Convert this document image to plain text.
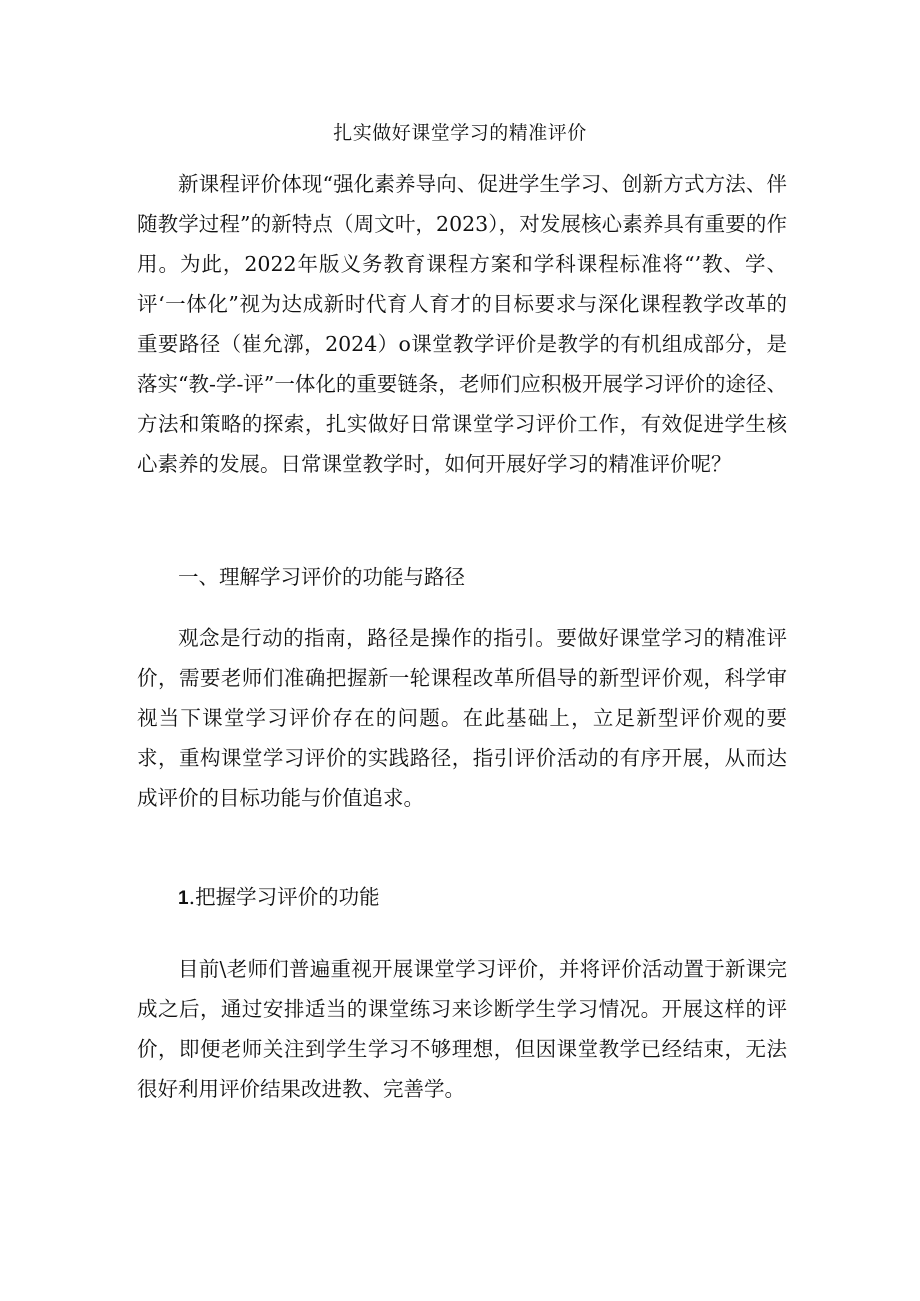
扎实做好课堂学习的精准评价
新课程评价体现“强化素养导向、促进学生学习、创新方式方法、伴随教学过程”的新特点（周文叶，2023），对发展核心素养具有重要的作用。为此，2022年版义务教育课程方案和学科课程标准将“’教、学、评‘一体化”视为达成新时代育人育才的目标要求与深化课程教学改革的重要路径（崔允漷，2024）o课堂教学评价是教学的有机组成部分，是落实“教-学-评”一体化的重要链条，老师们应积极开展学习评价的途径、方法和策略的探索，扎实做好日常课堂学习评价工作，有效促进学生核心素养的发展。日常课堂教学时，如何开展好学习的精准评价呢？
一、理解学习评价的功能与路径
观念是行动的指南，路径是操作的指引。要做好课堂学习的精准评价，需要老师们准确把握新一轮课程改革所倡导的新型评价观，科学审视当下课堂学习评价存在的问题。在此基础上，立足新型评价观的要求，重构课堂学习评价的实践路径，指引评价活动的有序开展，从而达成评价的目标功能与价值追求。
1.把握学习评价的功能
目前\老师们普遍重视开展课堂学习评价，并将评价活动置于新课完成之后，通过安排适当的课堂练习来诊断学生学习情况。开展这样的评价，即便老师关注到学生学习不够理想，但因课堂教学已经结束，无法很好利用评价结果改进教、完善学。
